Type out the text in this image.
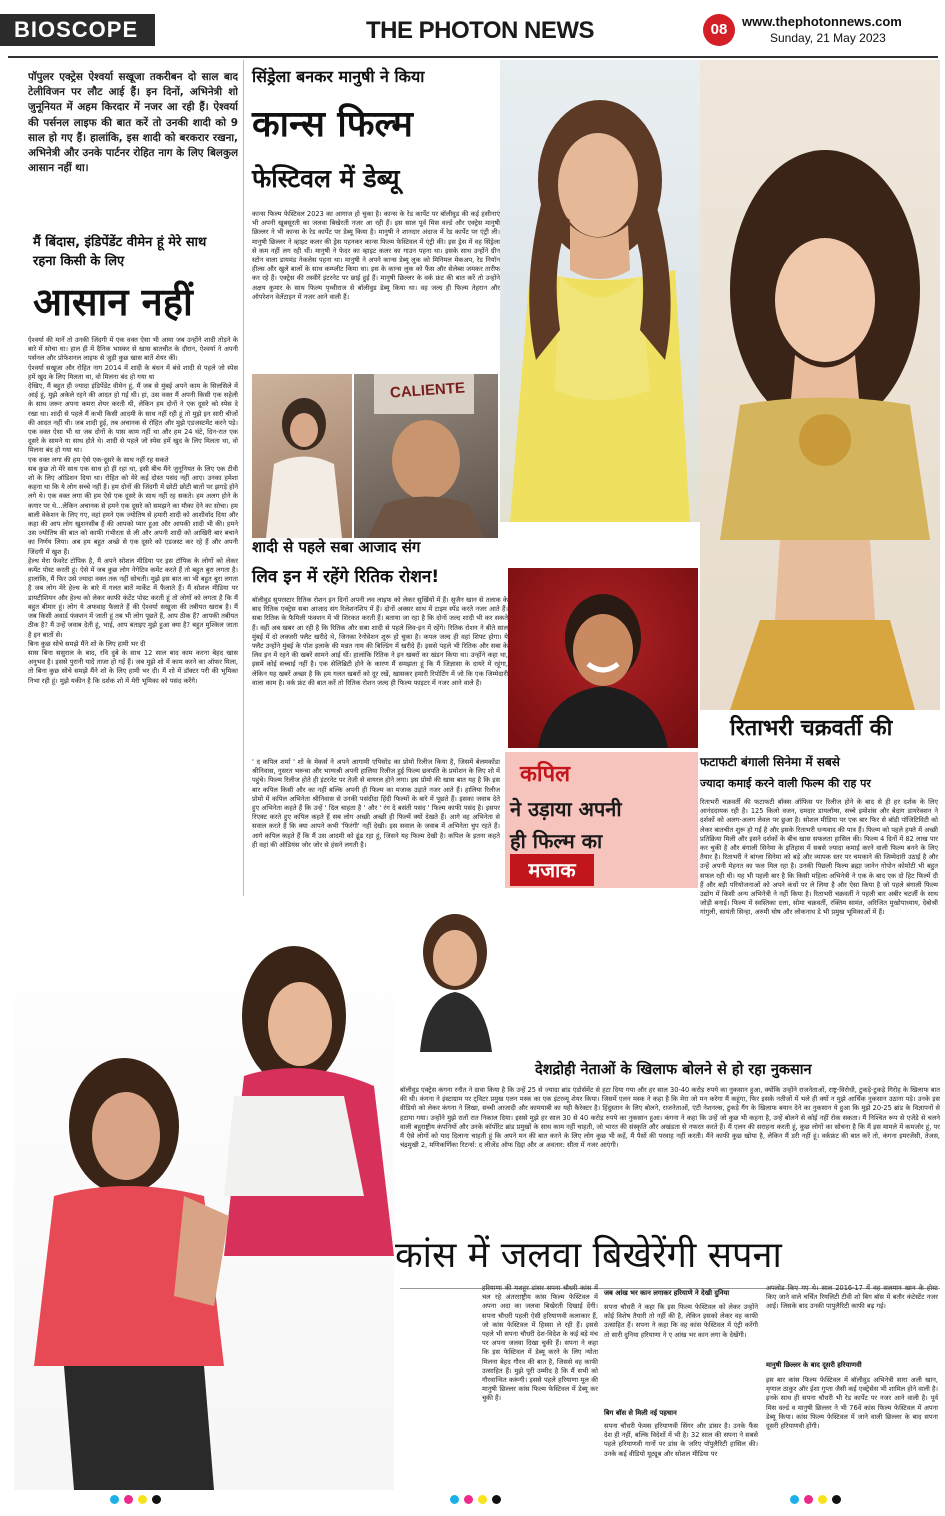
BIOSCOPE	THE PHOTON NEWS	08	www.thephotonnews.com
Sunday, 21 May 2023
पॉपुलर एक्ट्रेस ऐश्वर्या सखूजा तकरीबन दो साल बाद टेलीविजन पर लौट आई हैं। इन दिनों, अभिनेत्री शो जुनूनियत में अहम किरदार में नजर आ रही हैं। ऐश्वर्या की पर्सनल लाइफ की बात करें तो उनकी शादी को 9 साल हो गए हैं। हालांकि, इस शादी को बरकरार रखना, अभिनेत्री और उनके पार्टनर रोहित नाग के लिए बिलकुल आसान नहीं था।
मैं बिंदास, इंडिपेंडेंट वीमेन हूं मेरे साथ रहना किसी के लिए
आसान नहीं
ऐश्वर्या की मानें तो उनकी जिंदगी में एक वक्त ऐसा भी आया जब उन्होंने शादी तोड़ने के बारे में सोचा था। हाल ही में दैनिक भास्कर से खास बातचीत के दौरान, ऐश्वर्या ने अपनी पर्सनल और प्रोफेशनल लाइफ से जुड़ी कुछ खास बातें शेयर कीं।
ऐश्वर्या सखूजा और रोहित नाग 2014 में शादी के बंधन में बंधे शादी से पहले जो स्पेस हमें खुद के लिए मिलता था, वो मिलना बंद हो गया था
देखिए, मैं बहुत ही ज्यादा इंडिपेंडेंट वीमेन हूं, मैं जब से मुंबई अपने काम के सिलसिले में आई हूं, मुझे अकेले रहने की आदत हो गई थी। हां, उस वक्त मैं अपनी किसी एक सहेली के साथ जरूर अपना कमरा शेयर करती थी, लेकिन हम दोनों ने एक दूसरे को स्पेस दे रखा था। शादी से पहले मैं कभी किसी आदमी के साथ नहीं रही हूं तो मुझे इन सारी चीजों की आदत नहीं थी। जब शादी हुई, तब अचानक से रोहित और मुझे एडजस्टमेंट करने पड़े। एक वक्त ऐसा भी था जब दोनों के पास काम नहीं था और हम 24 घंटे, दिन-रात एक दूसरे के सामने या साथ होते थे। शादी से पहले जो स्पेस हमें खुद के लिए मिलता था, वो मिलना बंद हो गया था।
एक वक्त लगा की हम ऐसे एक-दूसरे के साथ नहीं रह सकते
सब कुछ तो मेरे साथ एक साथ हो ही रहा था, इसी बीच मैंने जुनूनियत के लिए एक टीवी शो के लिए ऑडिशन दिया था। रोहित को मेरे कई दोस्त पसंद नहीं आए। उनका हमेशा कहना था कि ये लोग सच्चे नहीं हैं। हम दोनों की जिंदगी में छोटी छोटी बातों पर झगड़े होने लगे थे। एक वक्त लगा की हम ऐसे एक दूसरे के साथ नहीं रह सकते। हम अलग होने के कगार पर थे...लेकिन अचानक से हमने एक दूसरे को समझने का मौका देने का सोचा। हम बाली वेकेशन के लिए गए, वहां हमने एक ज्योतिष से हमारी शादी को आशीर्वाद दिया और कहा की आप लोग खुशनसीब हैं की आपको प्यार हुआ और आपकी शादी भी की। हमने उस ज्योतिष की बात को काफी गंभीरता से ली और अपनी शादी को आखिरी बार बचाने का निर्णय लिया। अब हम बहुत अच्छे से एक दूसरे को एडजस्ट कर रहे हैं और अपनी जिंदगी में खुश हैं।
हेल्थ मेरा फेवरेट टॉपिक है, मैं अपने सोशल मीडिया पर इस टॉपिक के लोगों को लेकर कमेंट पोस्ट करती हूं। ऐसे में जब कुछ लोग नेगेटिव कमेंट करते हैं तो बहुत बुरा लगता है। हालांकि, मैं फिर उसे ज्यादा वक्त तक नहीं सोचती। मुझे इस बात का भी बहुत बुरा लगता है जब लोग मेरे हेल्थ के बारे में गलत बातें मार्केट में फैलाते हैं। मैं सोशल मीडिया पर डायटीशियन और हेल्थ को लेकर काफी कंटेंट पोस्ट करती हूं तो लोगों को लगता है कि मैं बहुत बीमार हूं। लोग ये अफवाह फैलाते हैं की ऐश्वर्या सखूजा की तबीयत खराब है। मैं जब किसी अवार्ड फंक्शन में जाती हूं तब भी लोग पूछते हैं, आप ठीक हैं? आपकी तबीयत ठीक है? मैं उन्हें जवाब देती हूं, भाई, आप बताइए मुझे हुआ क्या है? बहुत मुश्किल जाता है इन बातों से।
बिना कुछ सोचे समझे मैंने शो के लिए हामी भर दी
सास बिना ससुराल के बाद, रवि दुबे के साथ 12 साल बाद काम करना बेहद खास अनुभव है। इससे पुरानी यादें ताजा हो गई हैं। जब मुझे शो में काम करने का ऑफर मिला, तो बिना कुछ सोचे समझे मैंने शो के लिए हामी भर दी। मैं शो में डॉक्टर परी की भूमिका निभा रही हूं। मुझे यकीन है कि दर्शक शो में मेरी भूमिका को पसंद करेंगे।
सिंड्रेला बनकर मानुषी ने किया
कान्स फिल्म
फेस्टिवल में डेब्यू
कान्स फिल्म फेस्टिवल 2023 का आगाज हो चुका है। कान्स के रेड कार्पेट पर बॉलीवुड की कई हसीनाएं भी अपनी खूबसूरती का जलवा बिखेरती नजर आ रही हैं। इस साल पूर्व मिस वर्ल्ड और एक्ट्रेस मानुषी छिल्लर ने भी कान्स के रेड कार्पेट पर डेब्यू किया है। मानुषी ने शानदार अंदाज में रेड कार्पेट पर एंट्री ली। मानुषी छिल्लर ने व्हाइट कलर की ड्रेस पहनकर कान्स फिल्म फेस्टिवल में एंट्री की। इस ड्रेस में वह सिंड्रेला से कम नहीं लग रही थीं। मानुषी ने फेदर का व्हाइट कलर का गाउन पहना था। इसके साथ उन्होंने ग्रीन स्टोन वाला डायमंड नेकलेस पहना था। मानुषी ने अपने कान्स डेब्यू लुक को मिनिमल मेकअप, रेड नियॉन हील्स और खुले बालों के साथ कम्प्लीट किया था। इस के कान्स लुक को फैंस और सेलेब्स जमकर तारीफ कर रहे हैं। एक्ट्रेस की तस्वीरें इंटरनेट पर छाई हुई हैं। मानुषी छिल्लर के वर्क फ्रंट की बात करें तो उन्होंने अक्षय कुमार के साथ फिल्म पृथ्वीराज से बॉलीवुड डेब्यू किया था। वह जल्द ही फिल्म तेहरान और ऑपरेशन वेलेंटाइन में नजर आने वाली हैं।
CALIENTE
शादी से पहले सबा आजाद संग
लिव इन में रहेंगे रितिक रोशन!
बॉलीवुड सुपरस्टार रितिक रोशन इन दिनों अपनी लव लाइफ को लेकर सुर्खियों में हैं। सुजैन खान से तलाक के बाद रितिक एक्ट्रेस सबा आजाद संग रिलेशनशिप में हैं। दोनों अक्सर साथ में टाइम स्पेंड करते नजर आते हैं। सबा रितिक के फैमिली फंक्शन में भी शिरकत करती हैं। बताया जा रहा है कि दोनों जल्द शादी भी कर सकते हैं। वहीं अब खबर आ रही है कि रितिक और सबा शादी से पहले लिव-इन में रहेंगे। रितिक रोशन ने बीते साल मुंबई में दो लक्जरी फ्लैट खरीदे थे, जिनका रेनोवेशन शुरू हो चुका है। कपल जल्द ही वहां शिफ्ट होगा। ये फ्लैट उन्होंने मुंबई के पॉश इलाके की मन्नत नाम की बिल्डिंग में खरीदे हैं। इससे पहले भी रितिक और सबा के लिव इन में रहने की खबरें सामने आई थीं। हालांकि रितिक ने इन खबरों का खंडन किया था। उन्होंने कहा था, इसमें कोई सच्चाई नहीं है। एक सेलिब्रिटी होने के कारण मैं समझता हूं कि मैं जिज्ञासा के दायरे में रहूंगा, लेकिन यह खबरें अच्छा है कि हम गलत खबरों को दूर रखें, खासकर हमारी रिपोर्टिंग में जो कि एक जिम्मेदारी वाला काम है। वर्क फ्रंट की बात करें तो रितिक रोशन जल्द ही फिल्म फाइटर में नजर आने वाले हैं।
कपिल
ने उड़ाया अपनी
ही फिल्म का
मजाक
' द कपिल शर्मा ' शो के मेकर्स ने अपने आगामी एपिसोड का प्रोमो रिलीज किया है, जिसमें बेलमकोंडा श्रीनिवास, नुसरत भरूचा और भाग्यश्री अपनी हालिया रिलीज हुई फिल्म छत्रपति के प्रमोशन के लिए शो में पहुंचे। फिल्म रिलीज होते ही इंटरनेट पर तेजी से वायरल होने लगा। इस प्रोमो की खास बात यह है कि इस बार कपिल किसी और का नहीं बल्कि अपनी ही फिल्म का मजाक उड़ाते नजर आते हैं। हालिया रिलीज प्रोमो में कपिल अभिनेता श्रीनिवास से उनकी पसंदीदा हिंदी फिल्मों के बारे में पूछते हैं। इसका जवाब देते हुए अभिनेता कहते हैं कि उन्हें ' दिल चाहता है ' और ' रंग दे बसंती पसंद ' फिल्म काफी पसंद है। इसपर रिएक्ट करते हुए कपिल कहते हैं सब लोग अच्छी अच्छी ही फिल्में क्यों देखते हैं। आगे वह अभिनेता से सवाल करते हैं कि क्या आपने कभी 'फिरंगी' नहीं देखी। इस सवाल के जवाब में अभिनेता चुप रहते हैं। आगे कपिल कहते हैं कि मैं उस आदमी को ढूंढ रहा हूं, जिसने यह फिल्म देखी है। कपिल के इतना कहते ही वहां की ऑडियंस जोर जोर से हंसने लगती है।
रिताभरी चक्रवर्ती की
फटाफटी बंगाली सिनेमा में सबसे
ज्यादा कमाई करने वाली फिल्म की राह पर
रिताभरी चक्रवर्ती की फटाफटी बॉक्स ऑफिस पर रिलीज होने के बाद से ही हर दर्शक के लिए आनंददायक रही है। 125 किलो वजन, दमदार डायलॉग्स, सच्चे इमोशंस और बेदाग डायरेक्शन ने दर्शकों को अलग-अलग लेवल पर छुआ है। सोशल मीडिया पर एक बार फिर से बॉडी पॉजिटिविटी को लेकर बातचीत शुरू हो गई है और इसके रिताभरी धन्यवाद की पात्र हैं। फिल्म को पहले हफ्ते में अच्छी प्रतिक्रिया मिली और इसने दर्शकों के बीच खास सफलता हासिल की। फिल्म 4 दिनों में 82 लाख पार कर चुकी है और बंगाली सिनेमा के इतिहास में सबसे ज्यादा कमाई करने वाली फिल्म बनने के लिए तैयार है। रिताभरी ने बांग्ला सिनेमा को बड़े और व्यापक स्तर पर चमकाने की जिम्मेदारी उठाई है और उन्हें अपनी मेहनत का फल मिल रहा है। उनकी पिछली फिल्म ब्रह्मा जानेन गोपोन कोमोटी भी बहुत सफल रही थी। यह भी पहली बार है कि किसी महिला अभिनेत्री ने एक के बाद एक दो हिट फिल्में दी हैं और बड़ी परियोजनाओं को अपने कंधों पर ले लिया है और ऐसा किया है जो पहले बंगाली फिल्म उद्योग में किसी अन्य अभिनेत्री ने नहीं किया है। रिताभरी चक्रवर्ती ने पहली बार अबीर चटर्जी के साथ जोड़ी बनाई। फिल्म में स्वस्तिका दत्ता, सोमा चक्रवर्ती, रक्तिम सामंत, अरिजित मुखोपाध्याय, देबोश्री गांगुली, सायंती सिन्हा, अरुमी घोष और लोकनाथ डे भी प्रमुख भूमिकाओं में हैं।
देशद्रोही नेताओं के खिलाफ बोलने से हो रहा नुकसान
बॉलीवुड एक्ट्रेस कंगना रनौत ने दावा किया है कि उन्हें 25 से ज्यादा ब्रांड एंडोर्समेंट से हटा दिया गया और हर साल 30-40 करोड़ रुपये का नुकसान हुआ, क्योंकि उन्होंने राजनेताओं, राष्ट्र-विरोधी, टुकड़े-टुकड़े गिरोह के खिलाफ बात की थी। कंगना ने इंस्टाग्राम पर ट्विटर प्रमुख एलन मस्क का एक इंटरव्यू शेयर किया। जिसमें एलन मस्क ने कहा है कि मेरा जो मन करेगा मैं कहूंगा, फिर इसके नतीजों में भले ही क्यों न मुझे आर्थिक नुकसान उठाना पड़े। उनके इस वीडियो को लेकर कंगना ने लिखा, सच्ची आजादी और कामयाबी का यही कैरेक्टर है। हिंदुस्तान के लिए बोलने, राजनेताओं, एंटी नेशनल्स, टुकड़े गैंग के खिलाफ बयान देने का नुकसान ये हुआ कि मुझे 20-25 ब्रांड के विज्ञापनों से हटाया गया। उन्होंने मुझे रातों रात निकाल दिया। इससे मुझे हर साल 30 से 40 करोड़ रुपये का नुकसान हुआ। कंगना ने कहा कि उन्हें जो कुछ भी कहना है, उन्हें बोलने से कोई नहीं रोक सकता। मैं निश्चित रूप से एजेंडे से चलने वाली बहुराष्ट्रीय कंपनियों और उनके कॉर्पोरेट ब्रांड प्रमुखों के साथ काम नहीं चाहती, जो भारत की संस्कृति और अखंडता से नफरत करते हैं। मैं एलन की सराहना करती हूं, कुछ लोगों का सोचना है कि मैं इस मामले में कमजोर हूं, पर मैं ऐसे लोगों को याद दिलाना चाहती हूं कि अपने मन की बात करने के लिए लोग कुछ भी कहें, मैं पैसों की परवाह नहीं करती। मैंने काफी कुछ खोया है, लेकिन मैं डरी नहीं हूं। वर्कफ्रंट की बात करें तो, कंगना इमरजेंसी, तेजस, चंद्रमुखी 2, मणिकर्णिका रिटर्न्स: द लीजेंड ऑफ दिद्दा और अ अवतार: सीता में नजर आएंगी।
कांस में जलवा बिखेरेंगी सपना
हरियाणा की मशहूर डांसर सपना चौधरी कांस में चल रहे अंतरराष्ट्रीय कांस फिल्म फेस्टिवल में अपना अदा का जलवा बिखेरती दिखाई देंगी। सपना चौधरी पहली ऐसी हरियाणवी कलाकार हैं, जो कांस फेस्टिवल में हिस्सा ले रही हैं। इससे पहले भी सपना चौधरी देश-विदेश के कई बड़े मंच पर अपना जलवा दिखा चुकी हैं। सपना ने कहा कि इस फेस्टिवल में डेब्यू करने के लिए न्योता मिलना बेहद गौरव की बात है, जिससे वह काफी उत्साहित हैं। मुझे पूरी उम्मीद है कि मैं सभी को गौरवान्वित करूंगी। इससे पहले हरियाणा मूल की मानुषी छिल्लर कांस फिल्म फेस्टिवल में डेब्यू कर चुकी हैं।
जब आंख भर कान लगाकर हरियाणे ने देखी दुनिया
सपना चौधरी ने कहा कि इस फिल्म फेस्टिवल को लेकर उन्होंने कोई विशेष तैयारी तो नहीं की है, लेकिन इसको लेकर वह काफी उत्साहित हैं। सपना ने कहा कि वह कांस फेस्टिवल में एंट्री करेंगी तो सारी दुनिया हरियाणा ने ए आंख भर कान लगा के देखेंगी।
बिग बॉस से मिली नई पहचान
सपना चौधरी फेमस हरियाणवी सिंगर और डांसर है। उनके फैंस देश ही नहीं, बल्कि विदेशों में भी है। 32 साल की सपना ने सबसे पहले हरियाणवी गानों पर डांस के जरिए पॉपुलैरिटी हासिल की। उनके कई वीडियो यूट्यूब और सोशल मीडिया पर
अपलोड किए गए थे। साल 2016-17 में वह सलमान खान के होस्ट किए जाने वाले चर्चित रियलिटी टीवी शो बिग बॉस में बतौर कंटेस्टेंट नजर आईं। जिसके बाद उनकी पापुलैरिटी काफी बढ़ गई।
मानुषी छिल्लर के बाद दूसरी हरियाणवी
इस बार कांस फिल्म फेस्टिवल में बॉलीवुड अभिनेत्री सारा अली खान, मृणाल ठाकुर और ईशा गुप्ता जैसी कई एक्ट्रेसेस भी शामिल होने वाली है। इनके साथ ही सपना चौधरी भी रेड कार्पेट पर नजर आने वाली है। पूर्व मिस वर्ल्ड व मानुषी छिल्लर ने भी 76वें कांस फिल्म फेस्टिवल में अपना डेब्यू किया। कांस फिल्म फेस्टिवल में जाने वाली छिल्लर के बाद सपना दूसरी हरियाणवी होंगी।
